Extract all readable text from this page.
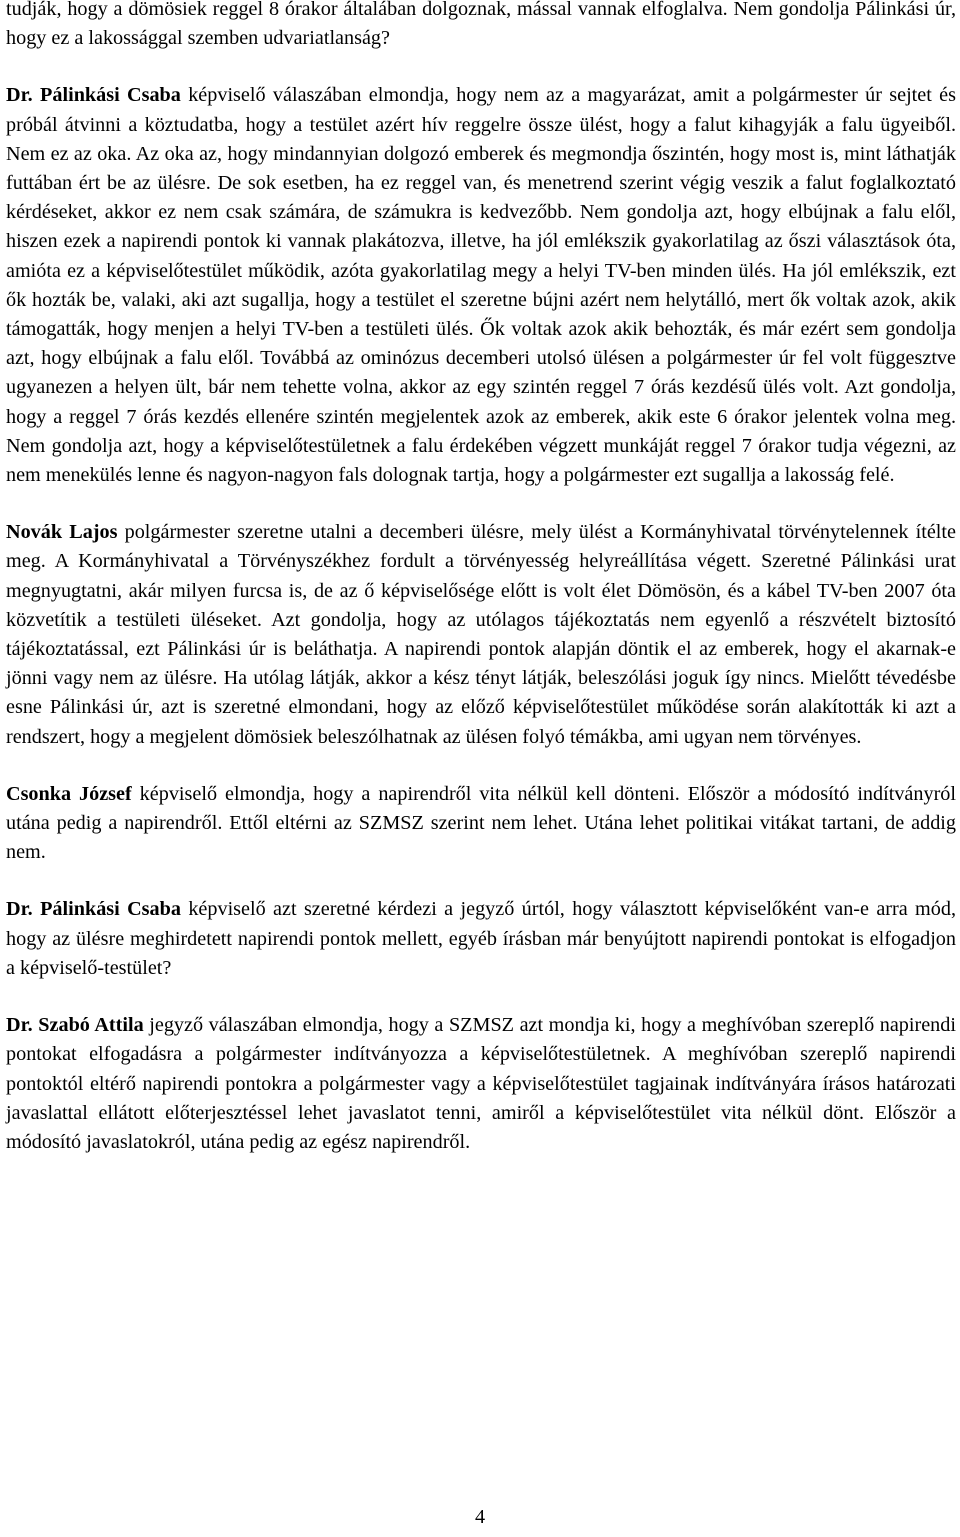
tudják, hogy a dömösiek reggel 8 órakor általában dolgoznak, mással vannak elfoglalva. Nem gondolja Pálinkási úr, hogy ez a lakossággal szemben udvariatlanság?

Dr. Pálinkási Csaba képviselő válaszában elmondja, hogy nem az a magyarázat, amit a polgármester úr sejtet és próbál átvinni a köztudatba, hogy a testület azért hív reggelre össze ülést, hogy a falut kihagyják a falu ügyeiből. Nem ez az oka. Az oka az, hogy mindannyian dolgozó emberek és megmondja őszintén, hogy most is, mint láthatják futtában ért be az ülésre. De sok esetben, ha ez reggel van, és menetrend szerint végig veszik a falut foglalkoztató kérdéseket, akkor ez nem csak számára, de számukra is kedvezőbb. Nem gondolja azt, hogy elbújnak a falu elől, hiszen ezek a napirendi pontok ki vannak plakátozva, illetve, ha jól emlékszik gyakorlatilag az őszi választások óta, amióta ez a képviselőtestület működik, azóta gyakorlatilag megy a helyi TV-ben minden ülés. Ha jól emlékszik, ezt ők hozták be, valaki, aki azt sugallja, hogy a testület el szeretne bújni azért nem helytálló, mert ők voltak azok, akik támogatták, hogy menjen a helyi TV-ben a testületi ülés. Ők voltak azok akik behozták, és már ezért sem gondolja azt, hogy elbújnak a falu elől. Továbbá az ominózus decemberi utolsó ülésen a polgármester úr fel volt függesztve ugyanezen a helyen ült, bár nem tehette volna, akkor az egy szintén reggel 7 órás kezdésű ülés volt. Azt gondolja, hogy a reggel 7 órás kezdés ellenére szintén megjelentek azok az emberek, akik este 6 órakor jelentek volna meg. Nem gondolja azt, hogy a képviselőtestületnek a falu érdekében végzett munkáját reggel 7 órakor tudja végezni, az nem menekülés lenne és nagyon-nagyon fals dolognak tartja, hogy a polgármester ezt sugallja a lakosság felé.

Novák Lajos polgármester szeretne utalni a decemberi ülésre, mely ülést a Kormányhivatal törvénytelennek ítélte meg. A Kormányhivatal a Törvényszékhez fordult a törvényesség helyreállítása végett. Szeretné Pálinkási urat megnyugtatni, akár milyen furcsa is, de az ő képviselősége előtt is volt élet Dömösön, és a kábel TV-ben 2007 óta közvetítik a testületi üléseket. Azt gondolja, hogy az utólagos tájékoztatás nem egyenlő a részvételt biztosító tájékoztatással, ezt Pálinkási úr is beláthatja. A napirendi pontok alapján döntik el az emberek, hogy el akarnak-e jönni vagy nem az ülésre. Ha utólag látják, akkor a kész tényt látják, beleszólási joguk így nincs. Mielőtt tévedésbe esne Pálinkási úr, azt is szeretné elmondani, hogy az előző képviselőtestület működése során alakították ki azt a rendszert, hogy a megjelent dömösiek beleszólhatnak az ülésen folyó témákba, ami ugyan nem törvényes.

Csonka József képviselő elmondja, hogy a napirendről vita nélkül kell dönteni. Először a módosító indítványról utána pedig a napirendről. Ettől eltérni az SZMSZ szerint nem lehet. Utána lehet politikai vitákat tartani, de addig nem.

Dr. Pálinkási Csaba képviselő azt szeretné kérdezi a jegyző úrtól, hogy választott képviselőként van-e arra mód, hogy az ülésre meghirdetett napirendi pontok mellett, egyéb írásban már benyújtott napirendi pontokat is elfogadjon a képviselő-testület?

Dr. Szabó Attila jegyző válaszában elmondja, hogy a SZMSZ azt mondja ki, hogy a meghívóban szereplő napirendi pontokat elfogadásra a polgármester indítványozza a képviselőtestületnek. A meghívóban szereplő napirendi pontoktól eltérő napirendi pontokra a polgármester vagy a képviselőtestület tagjainak indítványára írásos határozati javaslattal ellátott előterjesztéssel lehet javaslatot tenni, amiről a képviselőtestület vita nélkül dönt. Először a módosító javaslatokról, utána pedig az egész napirendről.

4
